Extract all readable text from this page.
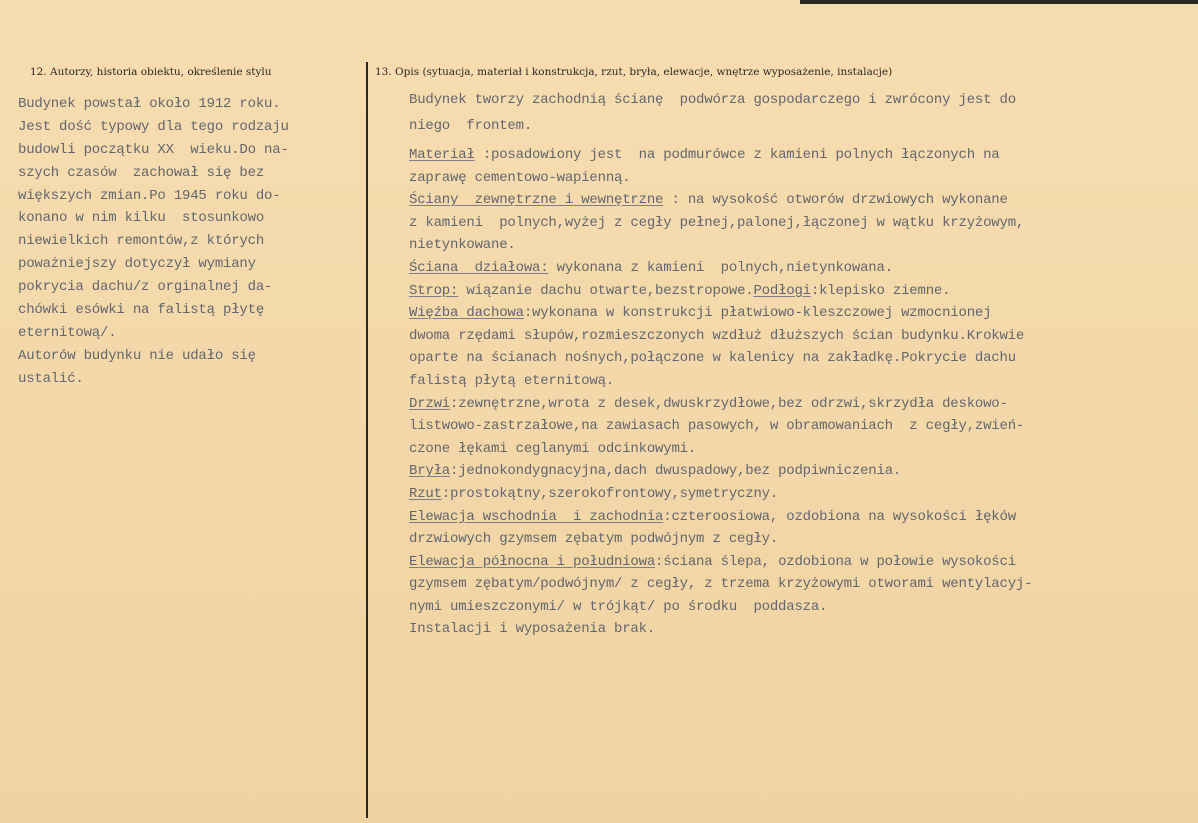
12. Autorzy, historia obiektu, określenie stylu	13. Opis (sytuacja, materiał i konstrukcja, rzut, bryła, elewacje, wnętrze wyposażenie, instalacje)
Budynek powstał około 1912 roku.
Jest dość typowy dla tego rodzaju
budowli początku XX  wieku.Do na-
szych czasów  zachował się bez
większych zmian.Po 1945 roku do-
konano w nim kilku  stosunkowo
niewielkich remontów,z których
poważniejszy dotyczył wymiany
pokrycia dachu/z orginalnej da-
chówki esówki na falistą płytę
eternitową/.
Autorów budynku nie udało się
ustalić.
Budynek tworzy zachodnią ścianę  podwórza gospodarczego i zwrócony jest do
niego  frontem.
Materiał :posadowiony jest  na podmurówce z kamieni polnych łączonych na
zaprawę cementowo-wapienną.
Ściany  zewnętrzne i wewnętrzne : na wysokość otworów drzwiowych wykonane
z kamieni  polnych,wyżej z cegły pełnej,palonej,łączonej w wątku krzyżowym,
nietynkowane.
Ściana  działowa: wykonana z kamieni  polnych,nietynkowana.
Strop: wiązanie dachu otwarte,bezstropowe.Podłogi:klepisko ziemne.
Więźba dachowa:wykonana w konstrukcji płatwiowo-kleszczowej wzmocnionej
dwoma rzędami słupów,rozmieszczonych wzdłuż dłuższych ścian budynku.Krokwie
oparte na ścianach nośnych,połączone w kalenicy na zakładkę.Pokrycie dachu
falistą płytą eternitową.
Drzwi:zewnętrzne,wrota z desek,dwuskrzydłowe,bez odrzwi,skrzydła deskowo-
listwowo-zastrzałowe,na zawiasach pasowych, w obramowaniach  z cegły,zwień-
czone łękami ceglanymi odcinkowymi.
Bryła:jednokondygnacyjna,dach dwuspadowy,bez podpiwniczenia.
Rzut:prostokątny,szerokofrontowy,symetryczny.
Elewacja wschodnia  i zachodnia:czteroosiowa, ozdobiona na wysokości łęków
drzwiowych gzymsem zębatym podwójnym z cegły.
Elewacja północna i południowa:ściana ślepa, ozdobiona w połowie wysokości
gzymsem zębatym/podwójnym/ z cegły, z trzema krzyżowymi otworami wentylacyj-
nymi umieszczonymi/ w trójkąt/ po środku  poddasza.
Instalacji i wyposażenia brak.
